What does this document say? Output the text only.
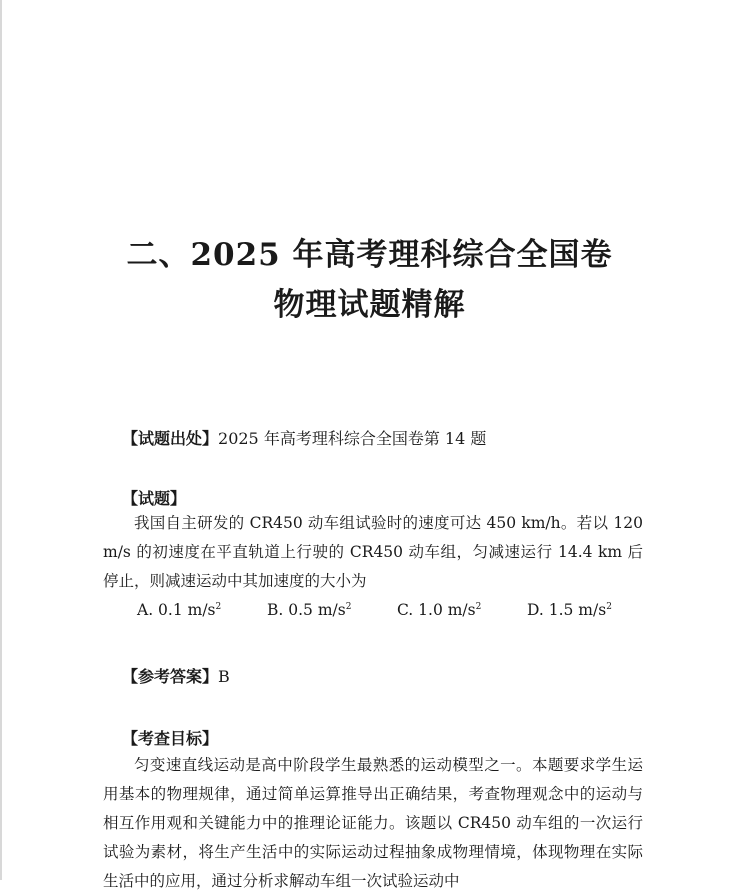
二、2025 年高考理科综合全国卷
物理试题精解
【试题出处】2025 年高考理科综合全国卷第 14 题
【试题】
我国自主研发的 CR450 动车组试验时的速度可达 450 km/h。若以 120 m/s 的初速度在平直轨道上行驶的 CR450 动车组，匀减速运行 14.4 km 后停止，则减速运动中其加速度的大小为
A. 0.1 $m/s^2$	B. 0.5 $m/s^2$	C. 1.0 $m/s^2$	D. 1.5 $m/s^2$
【参考答案】B
【考查目标】
匀变速直线运动是高中阶段学生最熟悉的运动模型之一。本题要求学生运用基本的物理规律，通过简单运算推导出正确结果，考查物理观念中的运动与相互作用观和关键能力中的推理论证能力。该题以 CR450 动车组的一次运行试验为素材，将生产生活中的实际运动过程抽象成物理情境，体现物理在实际生活中的应用，通过分析求解动车组一次试验运动中
